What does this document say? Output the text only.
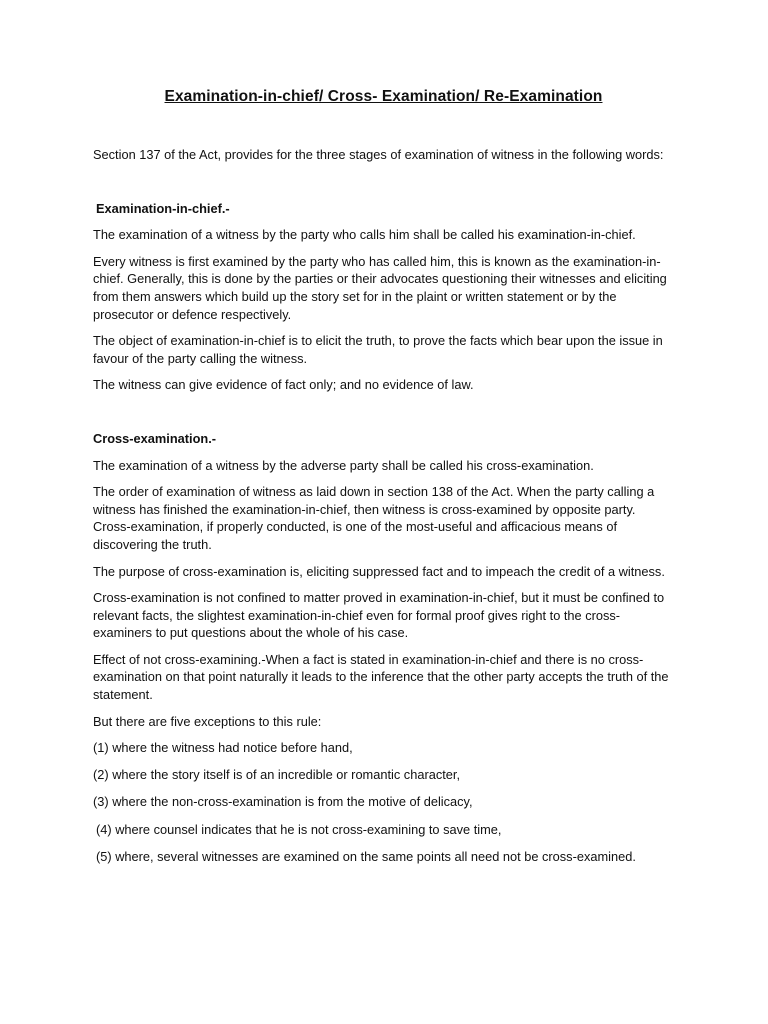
Examination-in-chief/ Cross- Examination/ Re-Examination

Section 137 of the Act, provides for the three stages of examination of witness in the following words:

Examination-in-chief.-

The examination of a witness by the party who calls him shall be called his examination-in-chief.

Every witness is first examined by the party who has called him, this is known as the examination-in-chief. Generally, this is done by the parties or their advocates questioning their witnesses and eliciting from them answers which build up the story set for in the plaint or written statement or by the prosecutor or defence respectively.

The object of examination-in-chief is to elicit the truth, to prove the facts which bear upon the issue in favour of the party calling the witness.

The witness can give evidence of fact only; and no evidence of law.

Cross-examination.-

The examination of a witness by the adverse party shall be called his cross-examination.

The order of examination of witness as laid down in section 138 of the Act. When the party calling a witness has finished the examination-in-chief, then witness is cross-examined by opposite party. Cross-examination, if properly conducted, is one of the most-useful and afficacious means of discovering the truth.

The purpose of cross-examination is, eliciting suppressed fact and to impeach the credit of a witness.

Cross-examination is not confined to matter proved in examination-in-chief, but it must be confined to relevant facts, the slightest examination-in-chief even for formal proof gives right to the cross-examiners to put questions about the whole of his case.

Effect of not cross-examining.-When a fact is stated in examination-in-chief and there is no cross-examination on that point naturally it leads to the inference that the other party accepts the truth of the statement.

But there are five exceptions to this rule:

(1) where the witness had notice before hand,

(2) where the story itself is of an incredible or romantic character,

(3) where the non-cross-examination is from the motive of delicacy,

(4) where counsel indicates that he is not cross-examining to save time,

(5) where, several witnesses are examined on the same points all need not be cross-examined.
